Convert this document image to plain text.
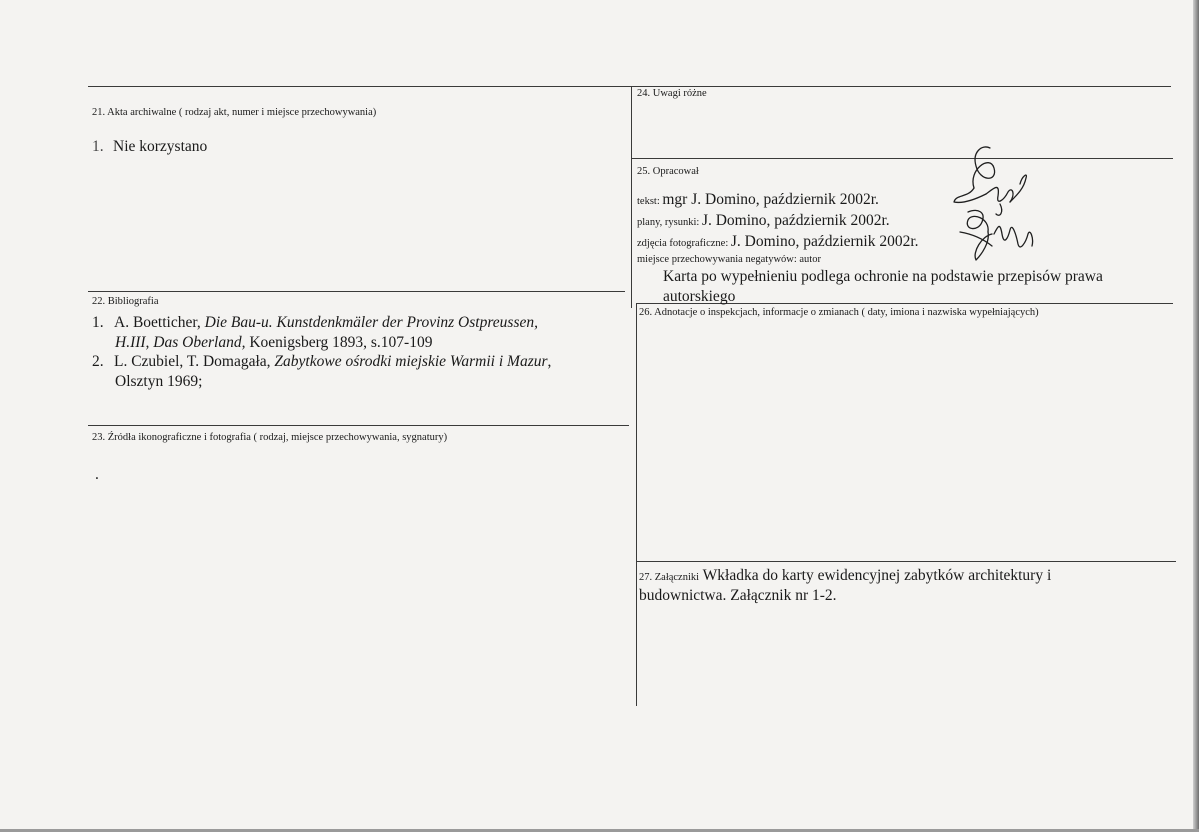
21. Akta archiwalne ( rodzaj akt, numer i miejsce przechowywania)
1. Nie korzystano
22. Bibliografia
1. A. Boetticher, Die Bau-u. Kunstdenkmäler der Provinz Ostpreussen,
H.III, Das Oberland, Koenigsberg 1893, s.107-109
2. L. Czubiel, T. Domagała, Zabytkowe ośrodki miejskie Warmii i Mazur,
Olsztyn 1969;
23. Źródła ikonograficzne i fotografia ( rodzaj, miejsce przechowywania, sygnatury)
.
24. Uwagi różne
25. Opracował
tekst: mgr J. Domino, październik 2002r.
plany, rysunki: J. Domino, październik 2002r.
zdjęcia fotograficzne: J. Domino, październik 2002r.
miejsce przechowywania negatywów: autor
Karta po wypełnieniu podlega ochronie na podstawie przepisów prawa
autorskiego
26. Adnotacje o inspekcjach, informacje o zmianach ( daty, imiona i nazwiska wypełniających)
27. Załączniki Wkładka do karty ewidencyjnej zabytków architektury i
budownictwa. Załącznik nr 1-2.
